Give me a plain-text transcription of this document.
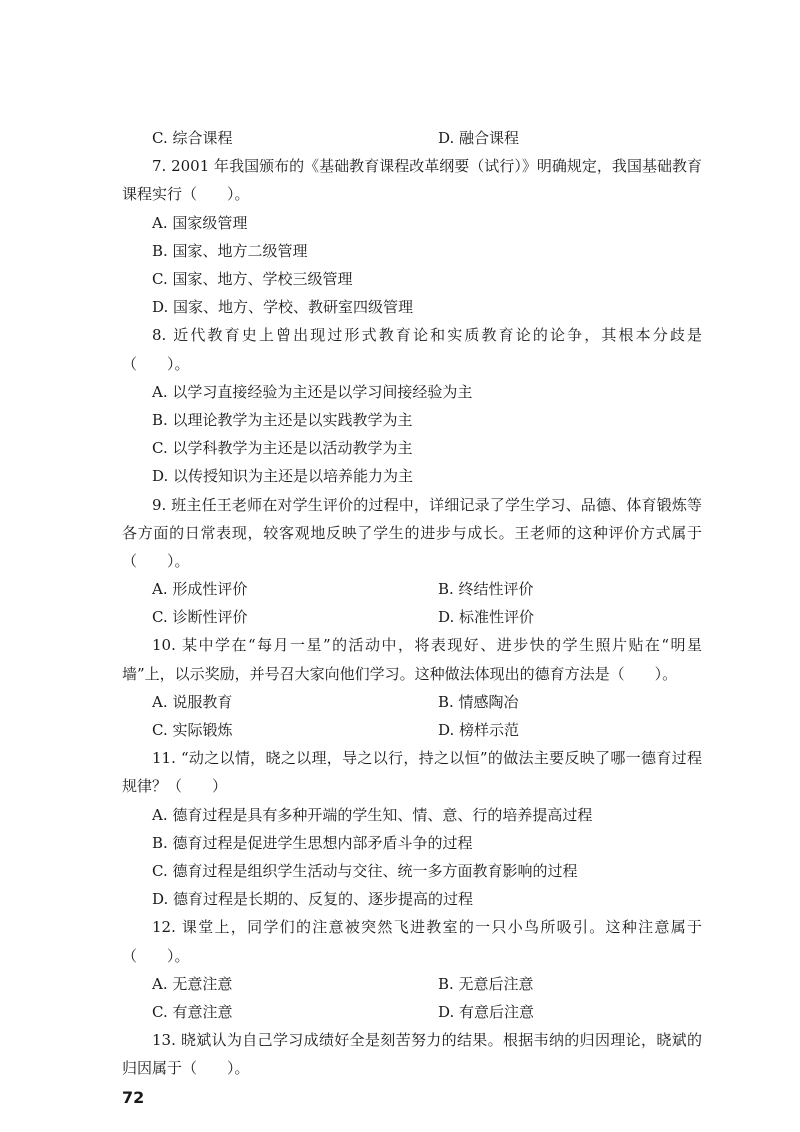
C. 综合课程	D. 融合课程
7. 2001 年我国颁布的《基础教育课程改革纲要（试行）》明确规定，我国基础教育课程实行（　　）。
A. 国家级管理
B. 国家、地方二级管理
C. 国家、地方、学校三级管理
D. 国家、地方、学校、教研室四级管理
8. 近代教育史上曾出现过形式教育论和实质教育论的论争，其根本分歧是（　　）。
A. 以学习直接经验为主还是以学习间接经验为主
B. 以理论教学为主还是以实践教学为主
C. 以学科教学为主还是以活动教学为主
D. 以传授知识为主还是以培养能力为主
9. 班主任王老师在对学生评价的过程中，详细记录了学生学习、品德、体育锻炼等各方面的日常表现，较客观地反映了学生的进步与成长。王老师的这种评价方式属于（　　）。
A. 形成性评价	B. 终结性评价
C. 诊断性评价	D. 标准性评价
10. 某中学在“每月一星”的活动中，将表现好、进步快的学生照片贴在“明星墙”上，以示奖励，并号召大家向他们学习。这种做法体现出的德育方法是（　　）。
A. 说服教育	B. 情感陶冶
C. 实际锻炼	D. 榜样示范
11. “动之以情，晓之以理，导之以行，持之以恒”的做法主要反映了哪一德育过程规律？（　　）
A. 德育过程是具有多种开端的学生知、情、意、行的培养提高过程
B. 德育过程是促进学生思想内部矛盾斗争的过程
C. 德育过程是组织学生活动与交往、统一多方面教育影响的过程
D. 德育过程是长期的、反复的、逐步提高的过程
12. 课堂上，同学们的注意被突然飞进教室的一只小鸟所吸引。这种注意属于（　　）。
A. 无意注意	B. 无意后注意
C. 有意注意	D. 有意后注意
13. 晓斌认为自己学习成绩好全是刻苦努力的结果。根据韦纳的归因理论，晓斌的归因属于（　　）。
72
